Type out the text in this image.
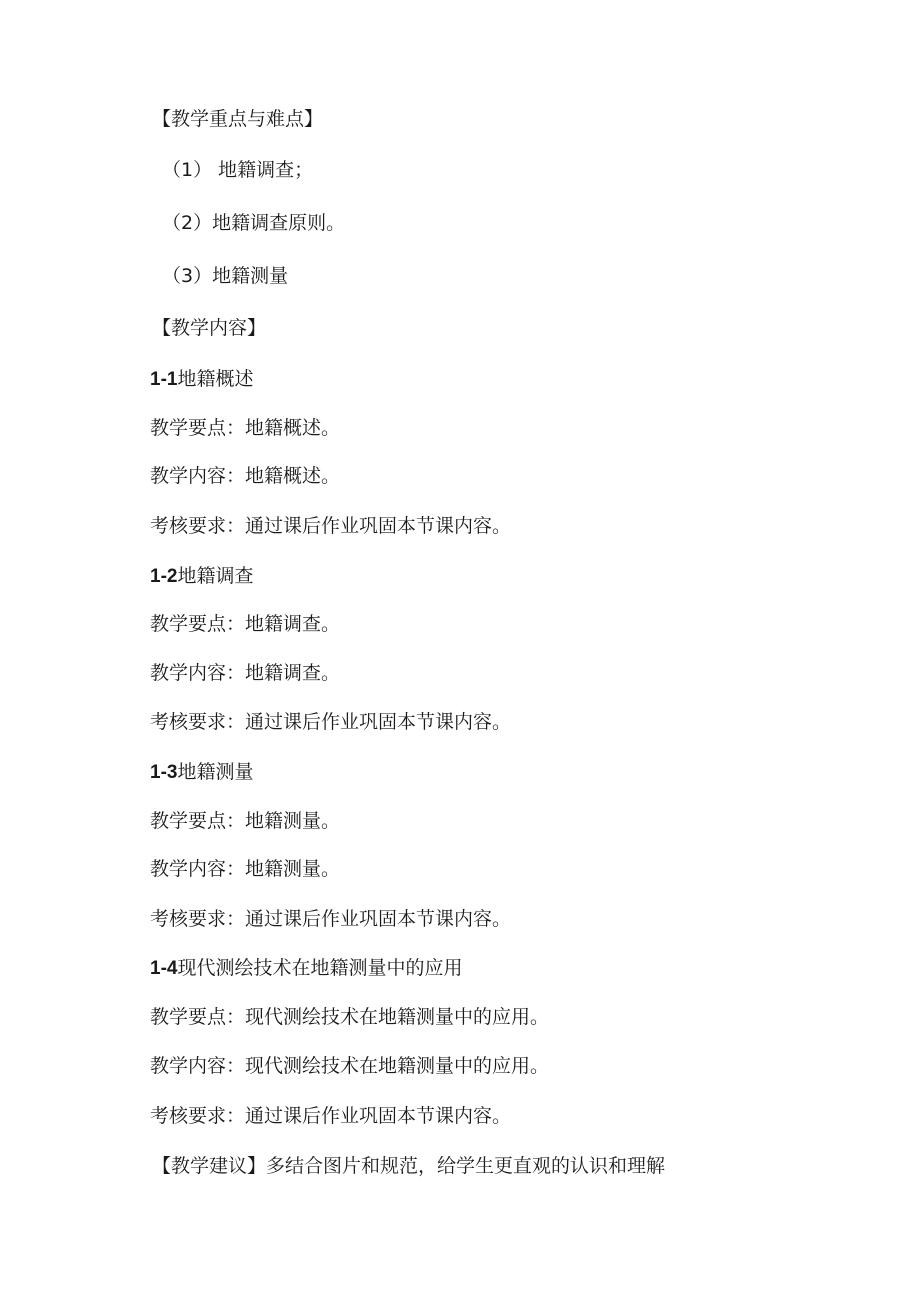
【教学重点与难点】
（1） 地籍调查；
（2）地籍调查原则。
（3）地籍测量
【教学内容】
1-1地籍概述
教学要点：地籍概述。
教学内容：地籍概述。
考核要求：通过课后作业巩固本节课内容。
1-2地籍调查
教学要点：地籍调查。
教学内容：地籍调查。
考核要求：通过课后作业巩固本节课内容。
1-3地籍测量
教学要点：地籍测量。
教学内容：地籍测量。
考核要求：通过课后作业巩固本节课内容。
1-4现代测绘技术在地籍测量中的应用
教学要点：现代测绘技术在地籍测量中的应用。
教学内容：现代测绘技术在地籍测量中的应用。
考核要求：通过课后作业巩固本节课内容。
【教学建议】多结合图片和规范，给学生更直观的认识和理解
